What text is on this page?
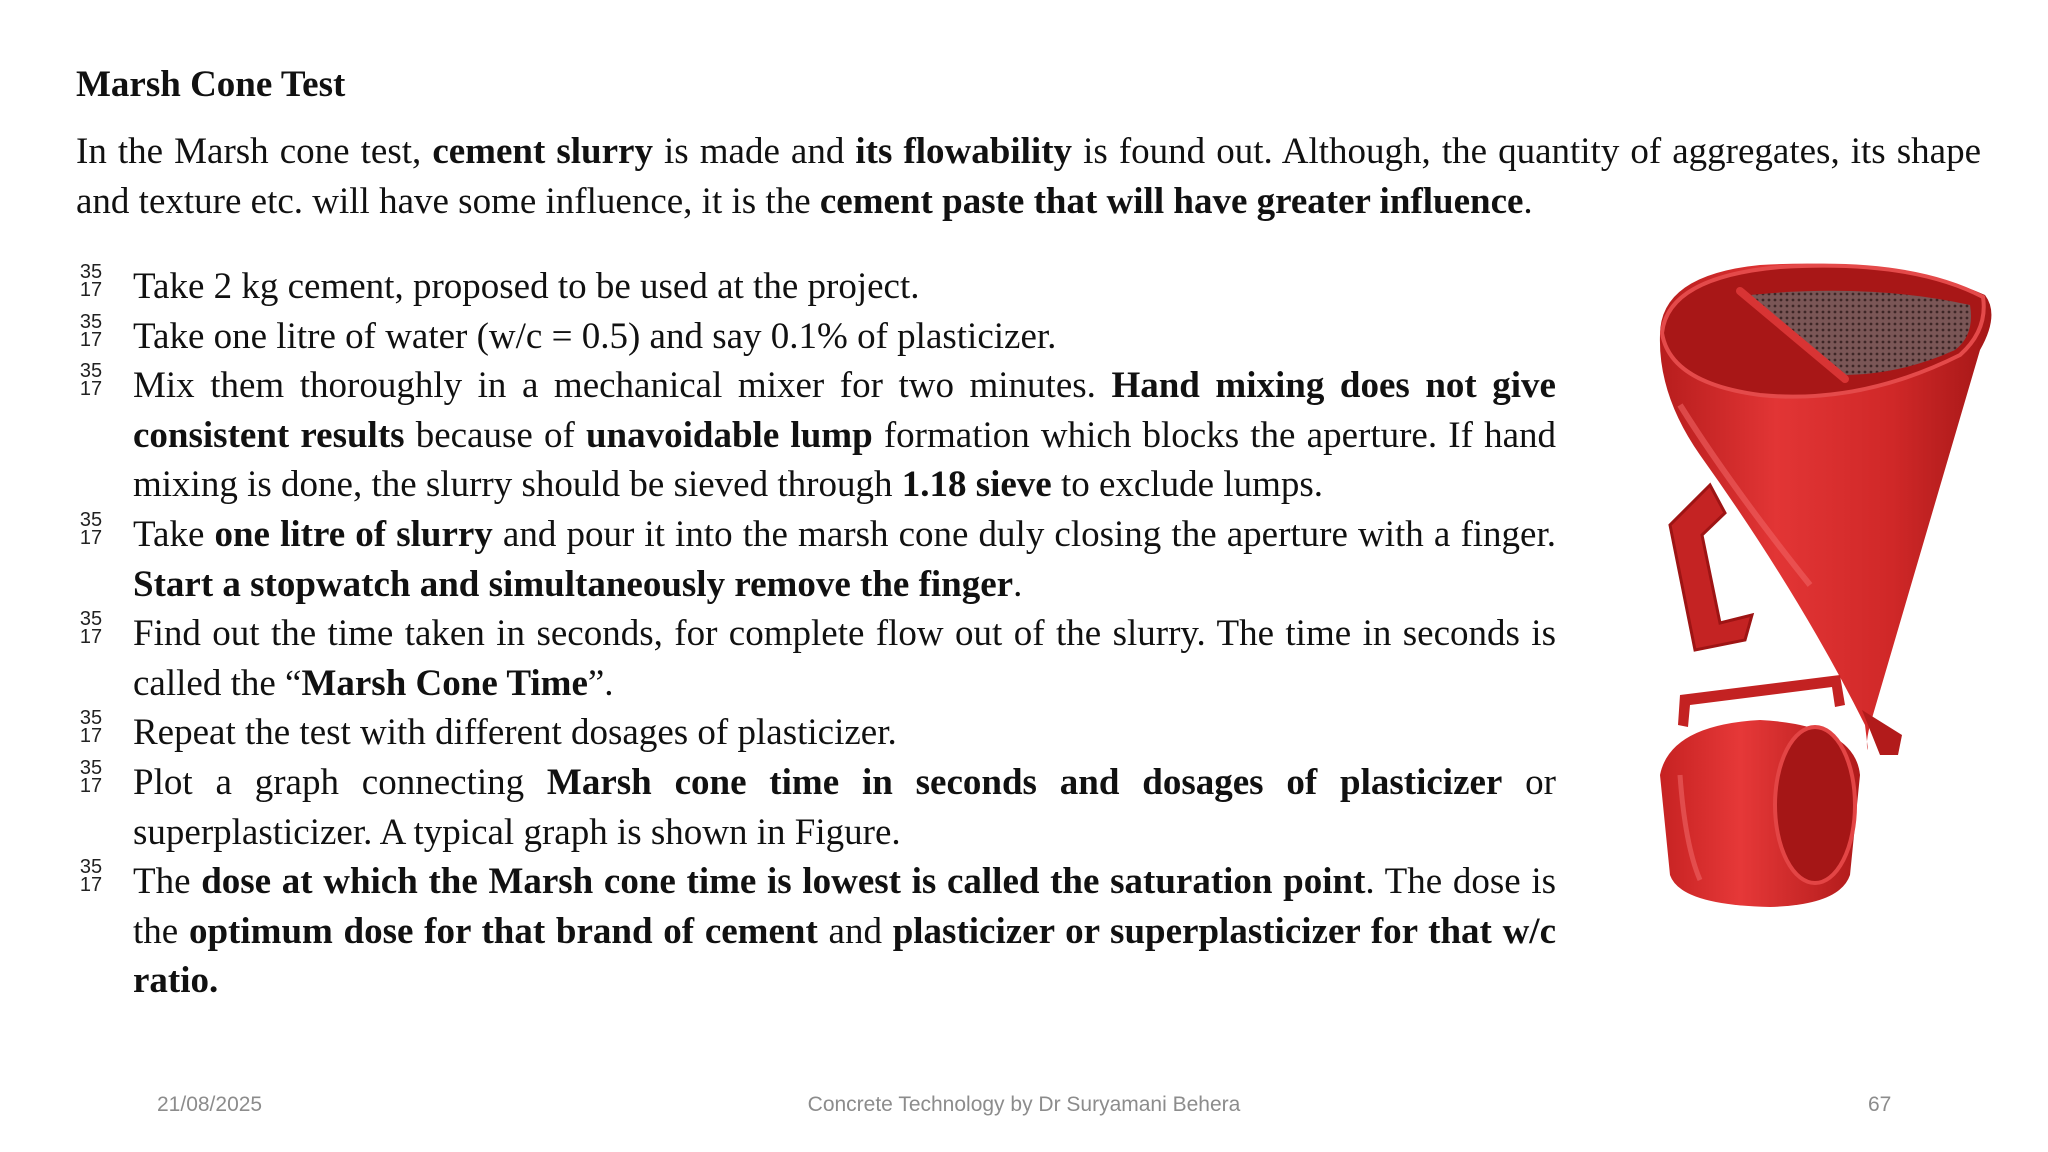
Marsh Cone Test

In the Marsh cone test, cement slurry is made and its flowability is found out. Although, the quantity of aggregates, its shape and texture etc. will have some influence, it is the cement paste that will have greater influence.

35
17 Take 2 kg cement, proposed to be used at the project.
35
17 Take one litre of water (w/c = 0.5) and say 0.1% of plasticizer.
35
17 Mix them thoroughly in a mechanical mixer for two minutes. Hand mixing does not give consistent results because of unavoidable lump formation which blocks the aperture. If hand mixing is done, the slurry should be sieved through 1.18 sieve to exclude lumps.
35
17 Take one litre of slurry and pour it into the marsh cone duly closing the aperture with a finger. Start a stopwatch and simultaneously remove the finger.
35
17 Find out the time taken in seconds, for complete flow out of the slurry. The time in seconds is called the “Marsh Cone Time”.
35
17 Repeat the test with different dosages of plasticizer.
35
17 Plot a graph connecting Marsh cone time in seconds and dosages of plasticizer or superplasticizer. A typical graph is shown in Figure.
35
17 The dose at which the Marsh cone time is lowest is called the saturation point. The dose is the optimum dose for that brand of cement and plasticizer or superplasticizer for that w/c ratio.
21/08/2025	Concrete Technology by Dr Suryamani Behera	67
